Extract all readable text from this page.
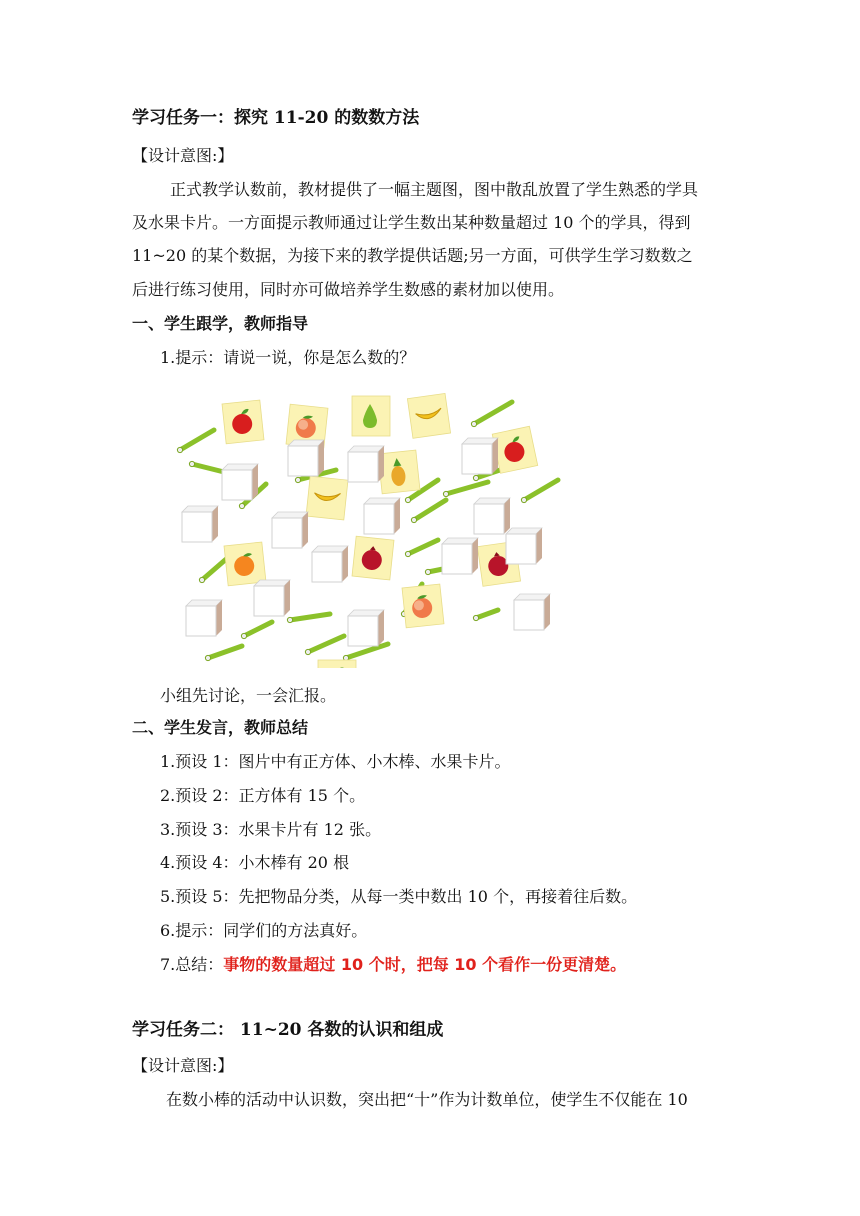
学习任务一：探究 11-20 的数数方法
【设计意图:】
正式教学认数前，教材提供了一幅主题图，图中散乱放置了学生熟悉的学具
及水果卡片。一方面提示教师通过让学生数出某种数量超过 10 个的学具，得到
11~20 的某个数据，为接下来的教学提供话题;另一方面，可供学生学习数数之
后进行练习使用，同时亦可做培养学生数感的素材加以使用。
一、学生跟学，教师指导
1.提示：请说一说，你是怎么数的？
小组先讨论，一会汇报。
二、学生发言，教师总结
1.预设 1：图片中有正方体、小木棒、水果卡片。
2.预设 2：正方体有 15 个。
3.预设 3：水果卡片有 12 张。
4.预设 4：小木棒有 20 根
5.预设 5：先把物品分类，从每一类中数出 10 个，再接着往后数。
6.提示：同学们的方法真好。
7.总结：事物的数量超过 10 个时，把每 10 个看作一份更清楚。
学习任务二： 11~20 各数的认识和组成
【设计意图:】
在数小棒的活动中认识数，突出把“十”作为计数单位，使学生不仅能在 10
